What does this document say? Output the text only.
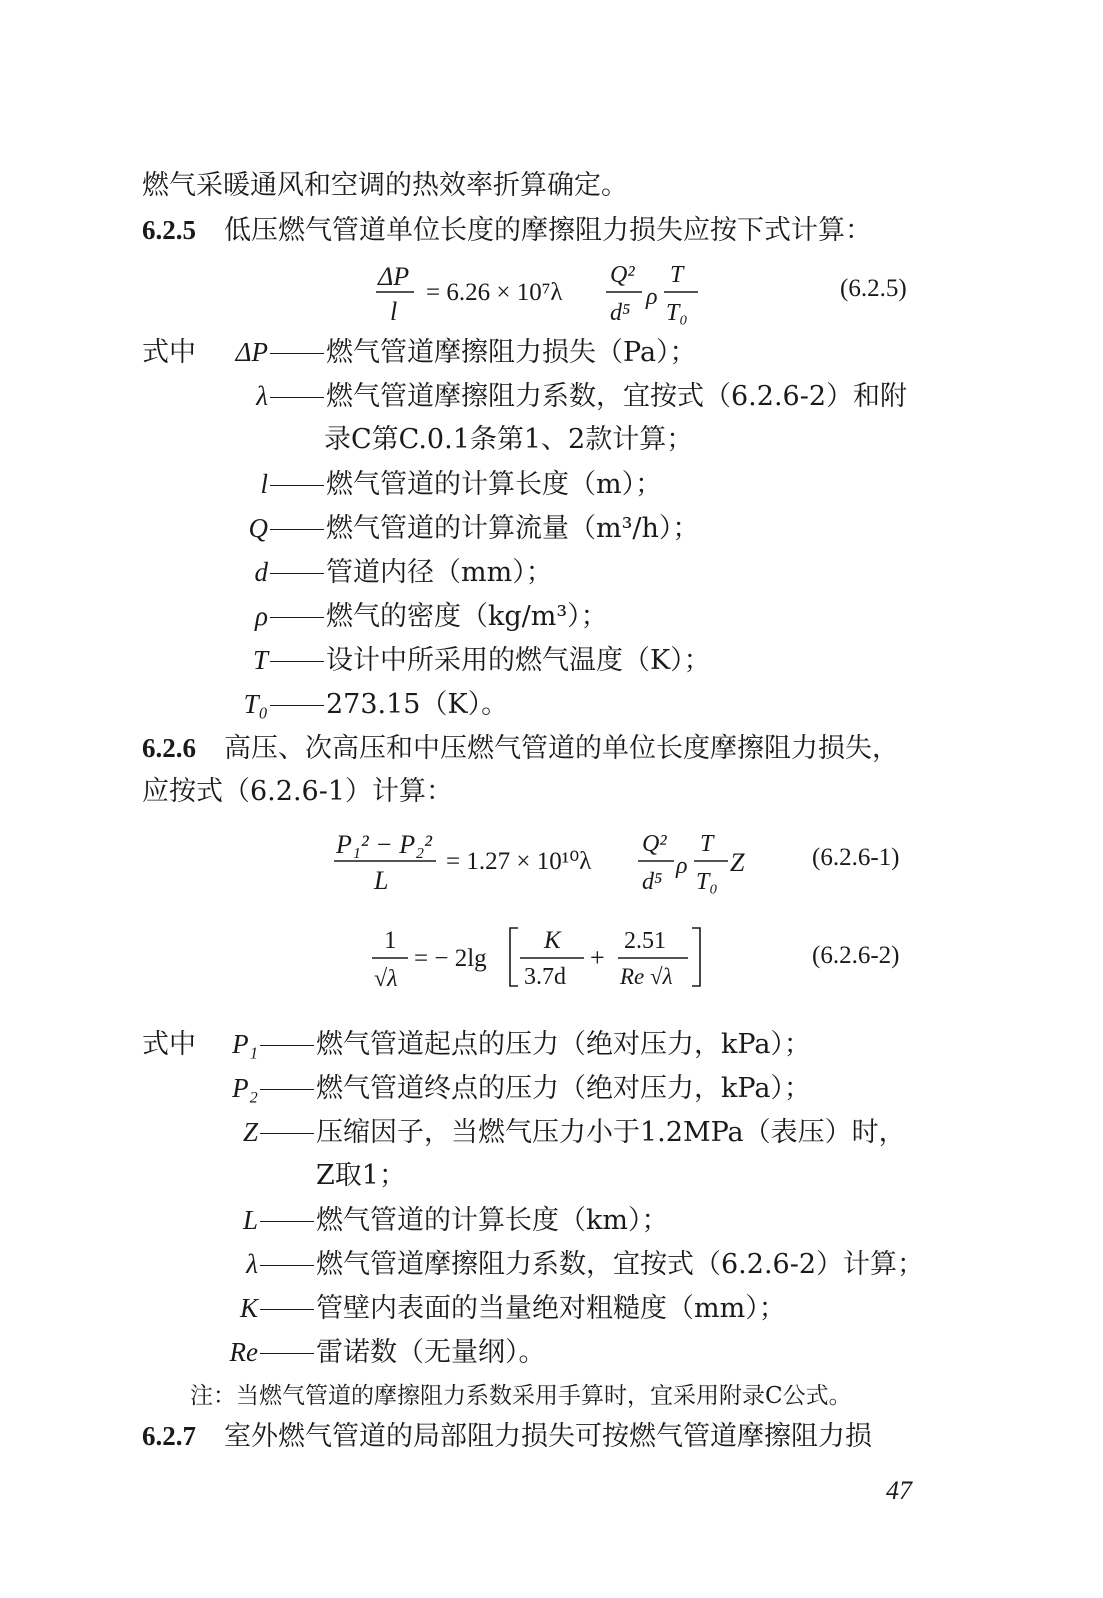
燃气采暖通风和空调的热效率折算确定。
6.2.5 低压燃气管道单位长度的摩擦阻力损失应按下式计算：
ΔP
l
= 6.26 × 10⁷λ
Q²
d⁵
ρ
T
T₀
(6.2.5)
式中 ΔP 燃气管道摩擦阻力损失（Pa）；
λ 燃气管道摩擦阻力系数，宜按式（6.2.6-2）和附
录C第C.0.1条第1、2款计算；
l 燃气管道的计算长度（m）；
Q 燃气管道的计算流量（m³/h）；
d 管道内径（mm）；
ρ 燃气的密度（kg/m³）；
T 设计中所采用的燃气温度（K）；
T₀ 273.15（K）。
6.2.6 高压、次高压和中压燃气管道的单位长度摩擦阻力损失，
应按式（6.2.6-1）计算：
P₁² − P₂²
L
= 1.27 × 10¹⁰λ
Q²
d⁵
ρ
T
T₀
Z	(6.2.6-1)
1
√λ
= − 2lg
K
3.7d
+
2.51
Re √λ
(6.2.6-2)
式中 P₁ 燃气管道起点的压力（绝对压力，kPa）；
P₂ 燃气管道终点的压力（绝对压力，kPa）；
Z 压缩因子，当燃气压力小于1.2MPa（表压）时，
Z取1；
L 燃气管道的计算长度（km）；
λ 燃气管道摩擦阻力系数，宜按式（6.2.6-2）计算；
K 管壁内表面的当量绝对粗糙度（mm）；
Re 雷诺数（无量纲）。
注：当燃气管道的摩擦阻力系数采用手算时，宜采用附录C公式。
6.2.7 室外燃气管道的局部阻力损失可按燃气管道摩擦阻力损
47
